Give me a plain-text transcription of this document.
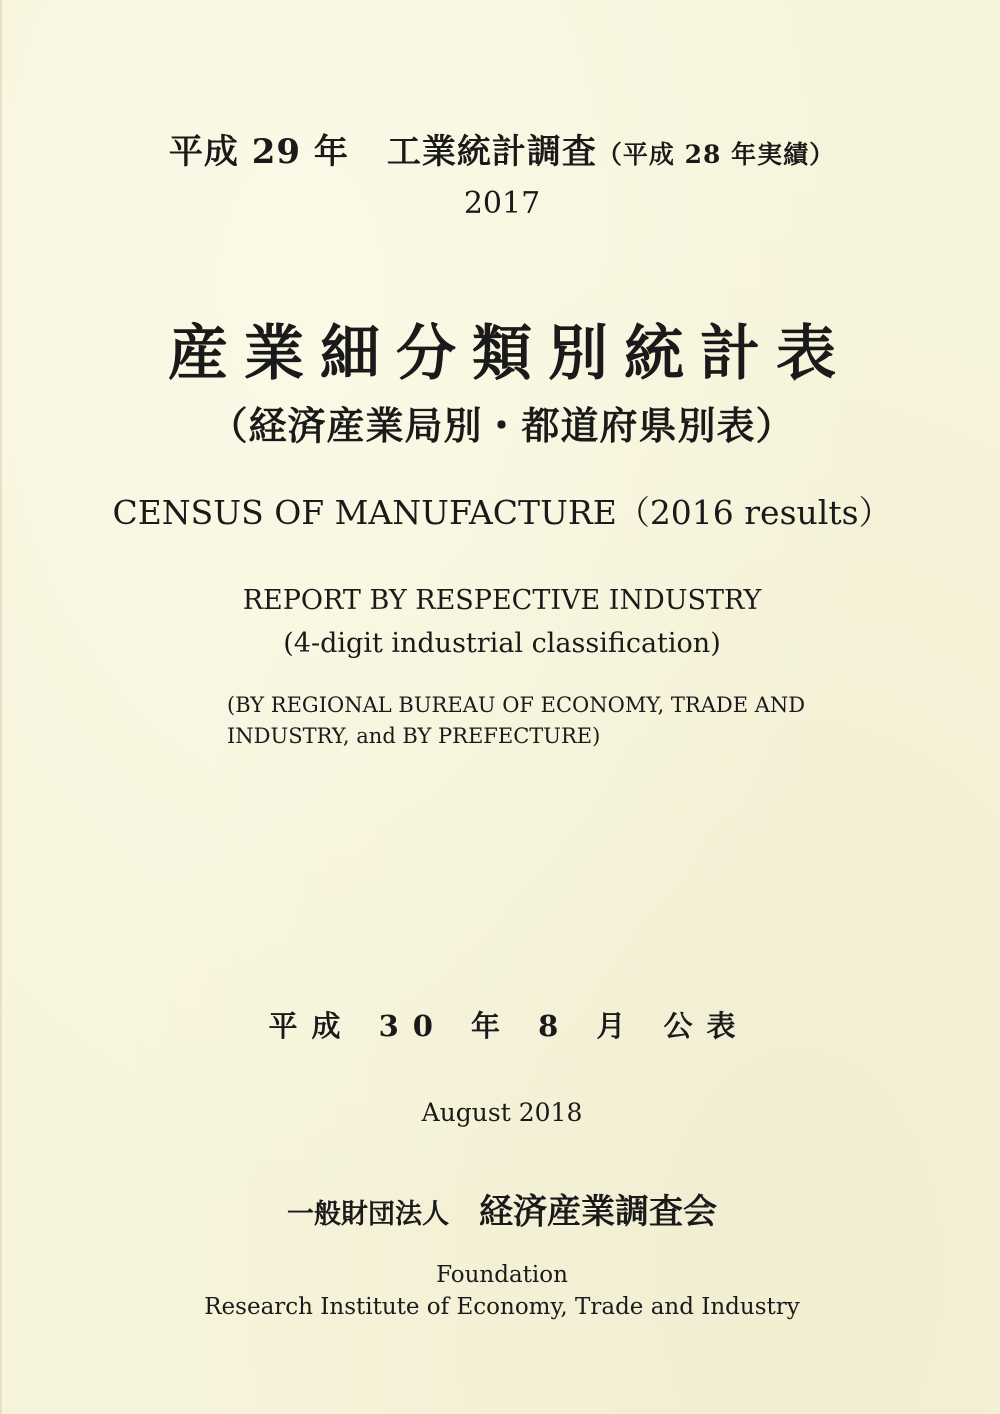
平成 29 年 工業統計調査（平成 28 年実績）
2017
産業細分類別統計表
（経済産業局別・都道府県別表）
CENSUS OF MANUFACTURE（2016 results）
REPORT BY RESPECTIVE INDUSTRY
(4-digit industrial classification)
(BY REGIONAL BUREAU OF ECONOMY, TRADE AND INDUSTRY, and BY PREFECTURE)
平成 30 年 8 月 公表
August 2018
一般財団法人 経済産業調査会
Foundation
Research Institute of Economy, Trade and Industry
